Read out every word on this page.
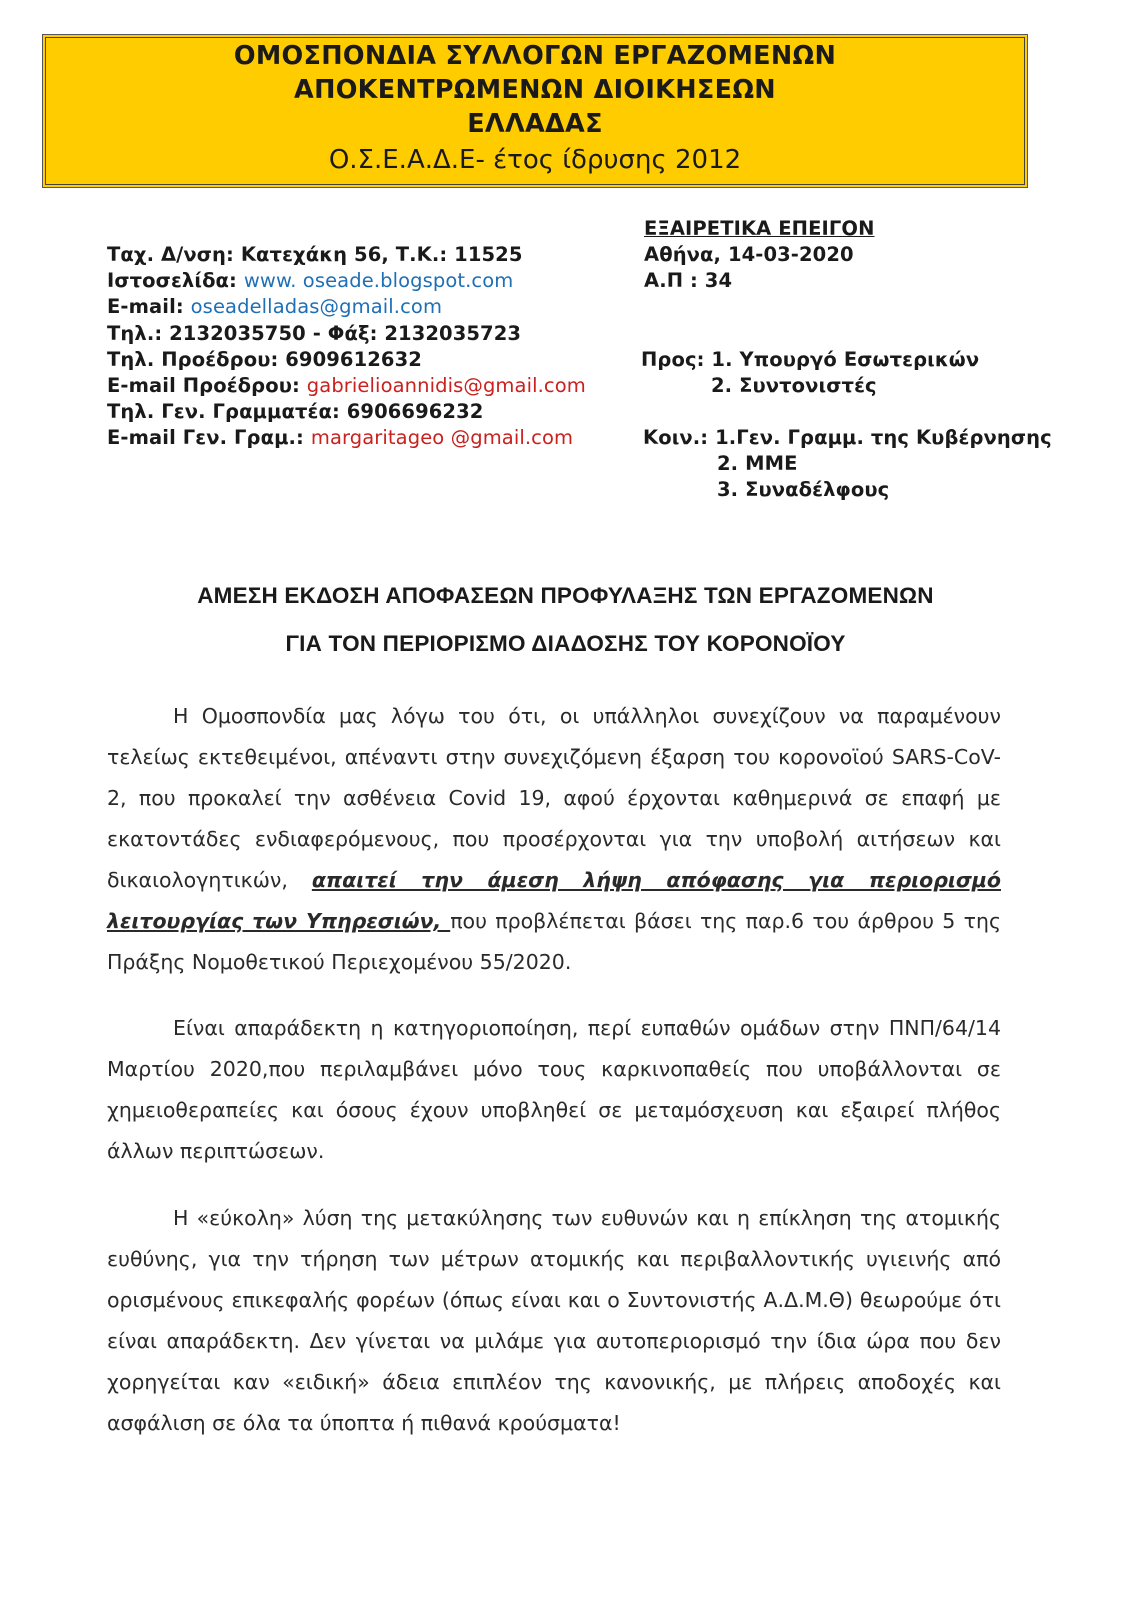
ΟΜΟΣΠΟΝΔΙΑ ΣΥΛΛΟΓΩΝ ΕΡΓΑΖΟΜΕΝΩΝ
ΑΠΟΚΕΝΤΡΩΜΕΝΩΝ ΔΙΟΙΚΗΣΕΩΝ
ΕΛΛΑΔΑΣ
Ο.Σ.Ε.Α.Δ.Ε- έτος ίδρυσης 2012
Ταχ. Δ/νση: Κατεχάκη 56, Τ.Κ.: 11525
Ιστοσελίδα: www. oseade.blogspot.com
E-mail: oseadelladas@gmail.com
Τηλ.: 2132035750 - Φάξ: 2132035723
Τηλ. Προέδρου: 6909612632
E-mail Προέδρου: gabrielioannidis@gmail.com
Τηλ. Γεν. Γραμματέα: 6906696232
E-mail Γεν. Γραμ.: margaritageo @gmail.com
ΕΞΑΙΡΕΤΙΚΑ ΕΠΕΙΓΟΝ
Αθήνα, 14-03-2020
Α.Π : 34
Προς: 1. Υπουργό Εσωτερικών
2. Συντονιστές
Κοιν.: 1.Γεν. Γραμμ. της Κυβέρνησης
2. ΜΜΕ
3. Συναδέλφους
ΑΜΕΣΗ ΕΚΔΟΣΗ ΑΠΟΦΑΣΕΩΝ ΠΡΟΦΥΛΑΞΗΣ ΤΩΝ ΕΡΓΑΖΟΜΕΝΩΝ
ΓΙΑ ΤΟΝ ΠΕΡΙΟΡΙΣΜΟ ΔΙΑΔΟΣΗΣ ΤΟΥ ΚΟΡΟΝΟΪΟΥ

Η Ομοσπονδία μας λόγω του ότι, οι υπάλληλοι συνεχίζουν να παραμένουν τελείως εκτεθειμένοι, απέναντι στην συνεχιζόμενη έξαρση του κορονοϊού SARS-CoV-2, που προκαλεί την ασθένεια Covid 19, αφού έρχονται καθημερινά σε επαφή με εκατοντάδες ενδιαφερόμενους, που προσέρχονται για την υποβολή αιτήσεων και δικαιολογητικών, απαιτεί την άμεση λήψη απόφασης για περιορισμό λειτουργίας των Υπηρεσιών, που προβλέπεται βάσει της παρ.6 του άρθρου 5 της Πράξης Νομοθετικού Περιεχομένου 55/2020.

Είναι απαράδεκτη η κατηγοριοποίηση, περί ευπαθών ομάδων στην ΠΝΠ/64/14 Μαρτίου 2020,που περιλαμβάνει μόνο τους καρκινοπαθείς που υποβάλλονται σε χημειοθεραπείες και όσους έχουν υποβληθεί σε μεταμόσχευση και εξαιρεί πλήθος άλλων περιπτώσεων.

Η «εύκολη» λύση της μετακύλησης των ευθυνών και η επίκληση της ατομικής ευθύνης, για την τήρηση των μέτρων ατομικής και περιβαλλοντικής υγιεινής από ορισμένους επικεφαλής φορέων (όπως είναι και ο Συντονιστής Α.Δ.Μ.Θ) θεωρούμε ότι είναι απαράδεκτη. Δεν γίνεται να μιλάμε για αυτοπεριορισμό την ίδια ώρα που δεν χορηγείται καν «ειδική» άδεια επιπλέον της κανονικής, με πλήρεις αποδοχές και ασφάλιση σε όλα τα ύποπτα ή πιθανά κρούσματα!
